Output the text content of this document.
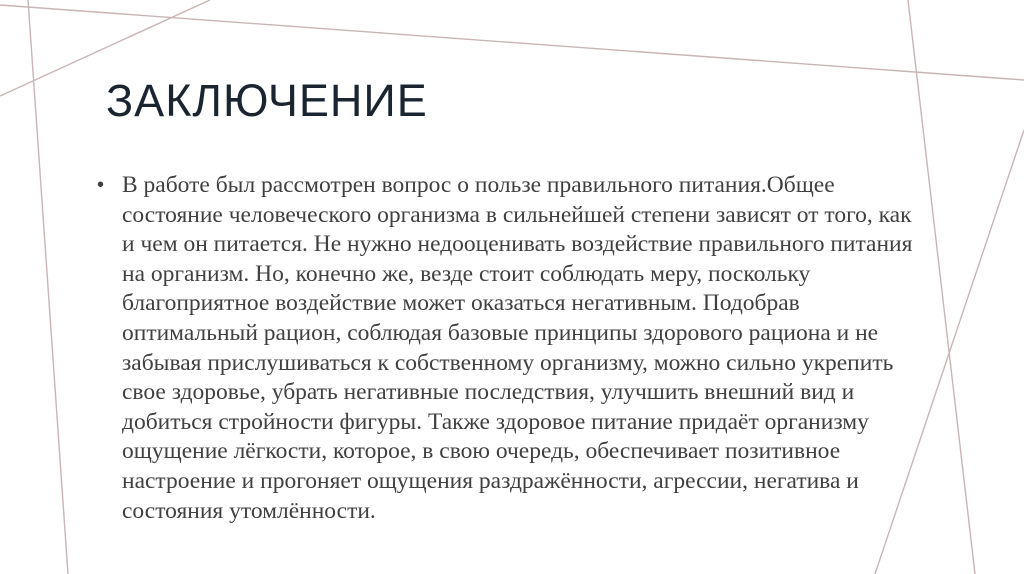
ЗАКЛЮЧЕНИЕ
• В работе был рассмотрен вопрос о пользе правильного питания.Общее состояние человеческого организма в сильнейшей степени зависят от того, как и чем он питается. Не нужно недооценивать воздействие правильного питания на организм. Но, конечно же, везде стоит соблюдать меру, поскольку благоприятное воздействие может оказаться негативным. Подобрав оптимальный рацион, соблюдая базовые принципы здорового рациона и не забывая прислушиваться к собственному организму, можно сильно укрепить свое здоровье, убрать негативные последствия, улучшить внешний вид и добиться стройности фигуры. Также здоровое питание придаёт организму ощущение лёгкости, которое, в свою очередь, обеспечивает позитивное настроение и прогоняет ощущения раздражённости, агрессии, негатива и состояния утомлённости.
